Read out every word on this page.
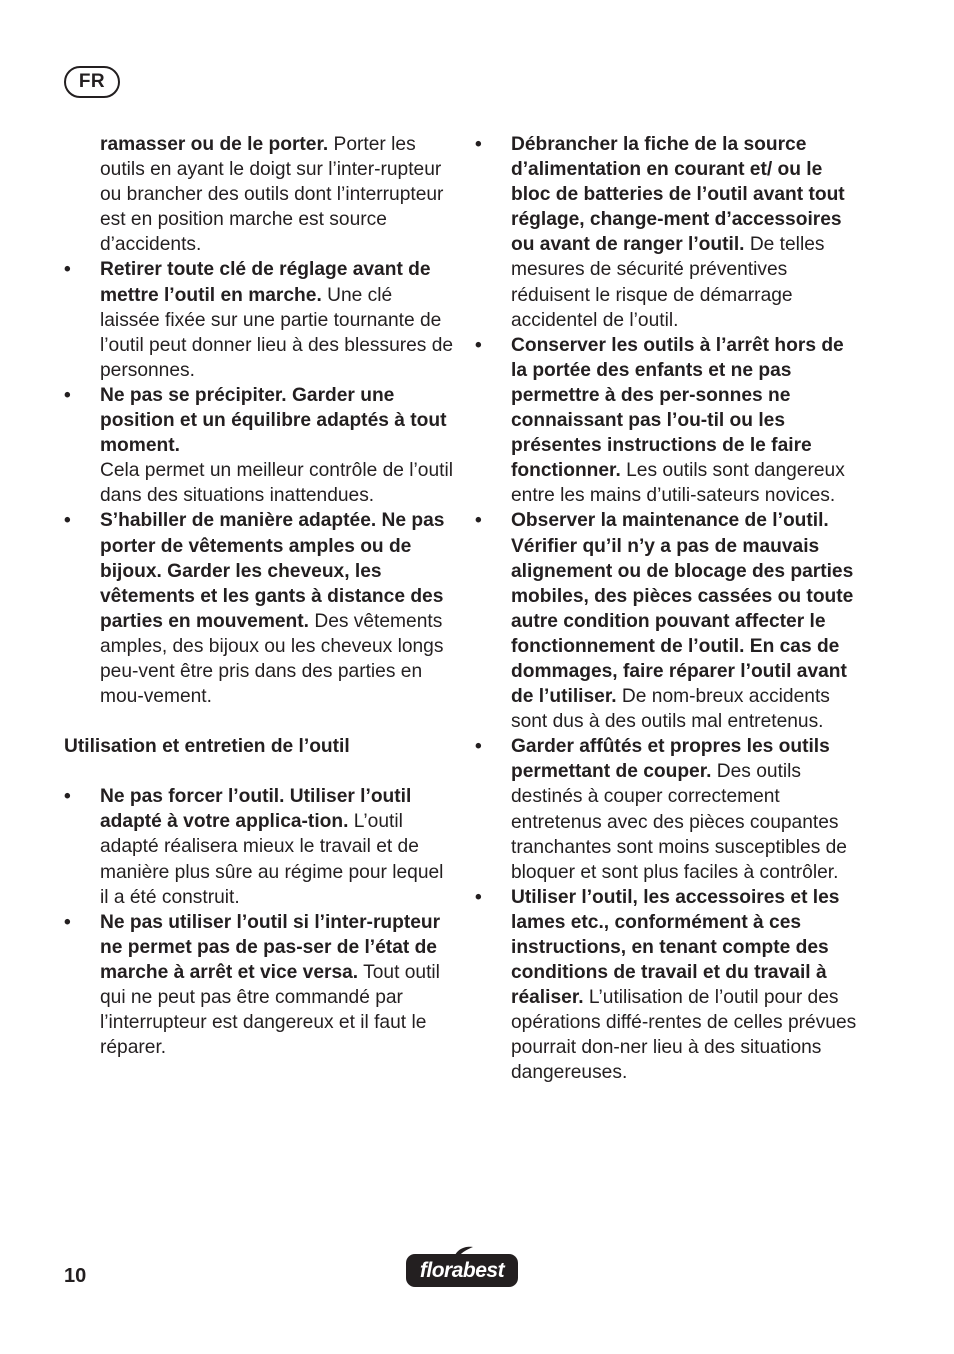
FR
ramasser ou de le porter. Porter les outils en ayant le doigt sur l’inter-rupteur ou brancher des outils dont l’interrupteur est en position marche est source d’accidents.
• Retirer toute clé de réglage avant de mettre l’outil en marche. Une clé laissée fixée sur une partie tournante de l’outil peut donner lieu à des blessures de personnes.
• Ne pas se précipiter. Garder une position et un équilibre adaptés à tout moment.
Cela permet un meilleur contrôle de l’outil dans des situations inattendues.
• S’habiller de manière adaptée. Ne pas porter de vêtements amples ou de bijoux. Garder les cheveux, les vêtements et les gants à distance des parties en mouvement. Des vêtements amples, des bijoux ou les cheveux longs peu-vent être pris dans des parties en mou-vement.
Utilisation et entretien de l’outil
• Ne pas forcer l’outil. Utiliser l’outil adapté à votre applica-tion. L’outil adapté réalisera mieux le travail et de manière plus sûre au régime pour lequel il a été construit.
• Ne pas utiliser l’outil si l’inter-rupteur ne permet pas de pas-ser de l’état de marche à arrêt et vice versa. Tout outil qui ne peut pas être commandé par l’interrupteur est dangereux et il faut le réparer.
• Débrancher la fiche de la source d’alimentation en courant et/ ou le bloc de batteries de l’outil avant tout réglage, change-ment d’accessoires ou avant de ranger l’outil. De telles mesures de sécurité préventives réduisent le risque de démarrage accidentel de l’outil.
• Conserver les outils à l’arrêt hors de la portée des enfants et ne pas permettre à des per-sonnes ne connaissant pas l’ou-til ou les présentes instructions de le faire fonctionner. Les outils sont dangereux entre les mains d’utili-sateurs novices.
• Observer la maintenance de l’outil. Vérifier qu’il n’y a pas de mauvais alignement ou de blocage des parties mobiles, des pièces cassées ou toute autre condition pouvant affecter le fonctionnement de l’outil. En cas de dommages, faire réparer l’outil avant de l’utiliser. De nom-breux accidents sont dus à des outils mal entretenus.
• Garder affûtés et propres les outils permettant de couper. Des outils destinés à couper correctement entretenus avec des pièces coupantes tranchantes sont moins susceptibles de bloquer et sont plus faciles à contrôler.
• Utiliser l’outil, les accessoires et les lames etc., conformément à ces instructions, en tenant compte des conditions de travail et du travail à réaliser. L’utilisation de l’outil pour des opérations diffé-rentes de celles prévues pourrait don-ner lieu à des situations dangereuses.
10	florabest
